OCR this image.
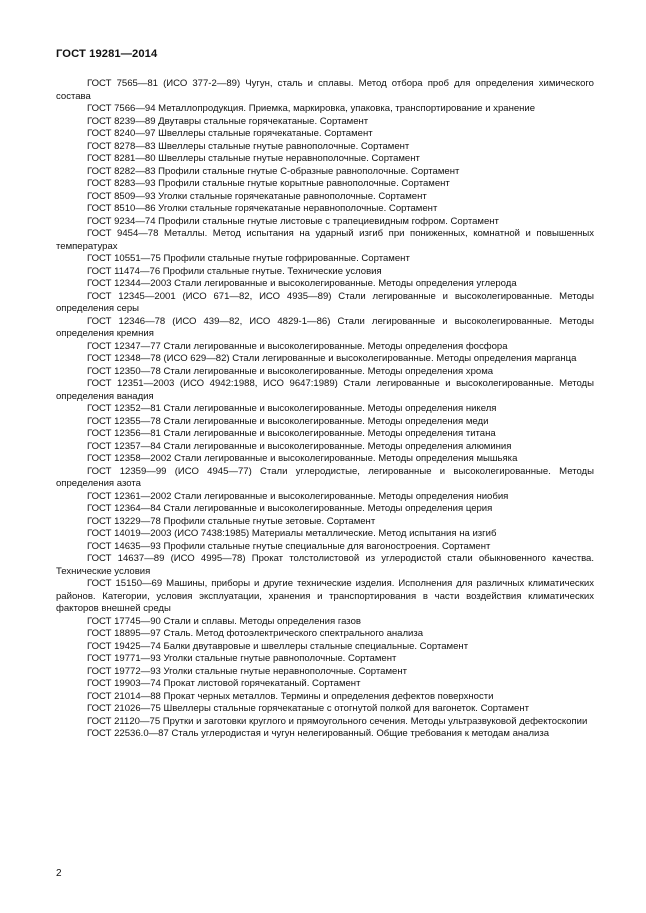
ГОСТ 19281—2014

ГОСТ 7565—81 (ИСО 377-2—89) Чугун, сталь и сплавы. Метод отбора проб для определения химического состава

ГОСТ 7566—94 Металлопродукция. Приемка, маркировка, упаковка, транспортирование и хранение

ГОСТ 8239—89 Двутавры стальные горячекатаные. Сортамент

ГОСТ 8240—97 Швеллеры стальные горячекатаные. Сортамент

ГОСТ 8278—83 Швеллеры стальные гнутые равнополочные. Сортамент

ГОСТ 8281—80 Швеллеры стальные гнутые неравнополочные. Сортамент

ГОСТ 8282—83 Профили стальные гнутые С-образные равнополочные. Сортамент

ГОСТ 8283—93 Профили стальные гнутые корытные равнополочные. Сортамент

ГОСТ 8509—93 Уголки стальные горячекатаные равнополочные. Сортамент

ГОСТ 8510—86 Уголки стальные горячекатаные неравнополочные. Сортамент

ГОСТ 9234—74 Профили стальные гнутые листовые с трапециевидным гофром. Сортамент

ГОСТ 9454—78 Металлы. Метод испытания на ударный изгиб при пониженных, комнатной и повышенных температурах

ГОСТ 10551—75 Профили стальные гнутые гофрированные. Сортамент

ГОСТ 11474—76 Профили стальные гнутые. Технические условия

ГОСТ 12344—2003 Стали легированные и высоколегированные. Методы определения углерода

ГОСТ 12345—2001 (ИСО 671—82, ИСО 4935—89) Стали легированные и высоколегированные. Методы определения серы

ГОСТ 12346—78 (ИСО 439—82, ИСО 4829-1—86) Стали легированные и высоколегированные. Методы определения кремния

ГОСТ 12347—77 Стали легированные и высоколегированные. Методы определения фосфора

ГОСТ 12348—78 (ИСО 629—82) Стали легированные и высоколегированные. Методы определения марганца

ГОСТ 12350—78 Стали легированные и высоколегированные. Методы определения хрома

ГОСТ 12351—2003 (ИСО 4942:1988, ИСО 9647:1989) Стали легированные и высоколегированные. Методы определения ванадия

ГОСТ 12352—81 Стали легированные и высоколегированные. Методы определения никеля

ГОСТ 12355—78 Стали легированные и высоколегированные. Методы определения меди

ГОСТ 12356—81 Стали легированные и высоколегированные. Методы определения титана

ГОСТ 12357—84 Стали легированные и высоколегированные. Методы определения алюминия

ГОСТ 12358—2002 Стали легированные и высоколегированные. Методы определения мышьяка

ГОСТ 12359—99 (ИСО 4945—77) Стали углеродистые, легированные и высоколегированные. Методы определения азота

ГОСТ 12361—2002 Стали легированные и высоколегированные. Методы определения ниобия

ГОСТ 12364—84 Стали легированные и высоколегированные. Методы определения церия

ГОСТ 13229—78 Профили стальные гнутые зетовые. Сортамент

ГОСТ 14019—2003 (ИСО 7438:1985) Материалы металлические. Метод испытания на изгиб

ГОСТ 14635—93 Профили стальные гнутые специальные для вагоностроения. Сортамент

ГОСТ 14637—89 (ИСО 4995—78) Прокат толстолистовой из углеродистой стали обыкновенного качества. Технические условия

ГОСТ 15150—69 Машины, приборы и другие технические изделия. Исполнения для различных климатических районов. Категории, условия эксплуатации, хранения и транспортирования в части воздействия климатических факторов внешней среды

ГОСТ 17745—90 Стали и сплавы. Методы определения газов

ГОСТ 18895—97 Сталь. Метод фотоэлектрического спектрального анализа

ГОСТ 19425—74 Балки двутавровые и швеллеры стальные специальные. Сортамент

ГОСТ 19771—93 Уголки стальные гнутые равнополочные. Сортамент

ГОСТ 19772—93 Уголки стальные гнутые неравнополочные. Сортамент

ГОСТ 19903—74 Прокат листовой горячекатаный. Сортамент

ГОСТ 21014—88 Прокат черных металлов. Термины и определения дефектов поверхности

ГОСТ 21026—75 Швеллеры стальные горячекатаные с отогнутой полкой для вагонеток. Сортамент

ГОСТ 21120—75 Прутки и заготовки круглого и прямоугольного сечения. Методы ультразвуковой дефектоскопии

ГОСТ 22536.0—87 Сталь углеродистая и чугун нелегированный. Общие требования к методам анализа

2
